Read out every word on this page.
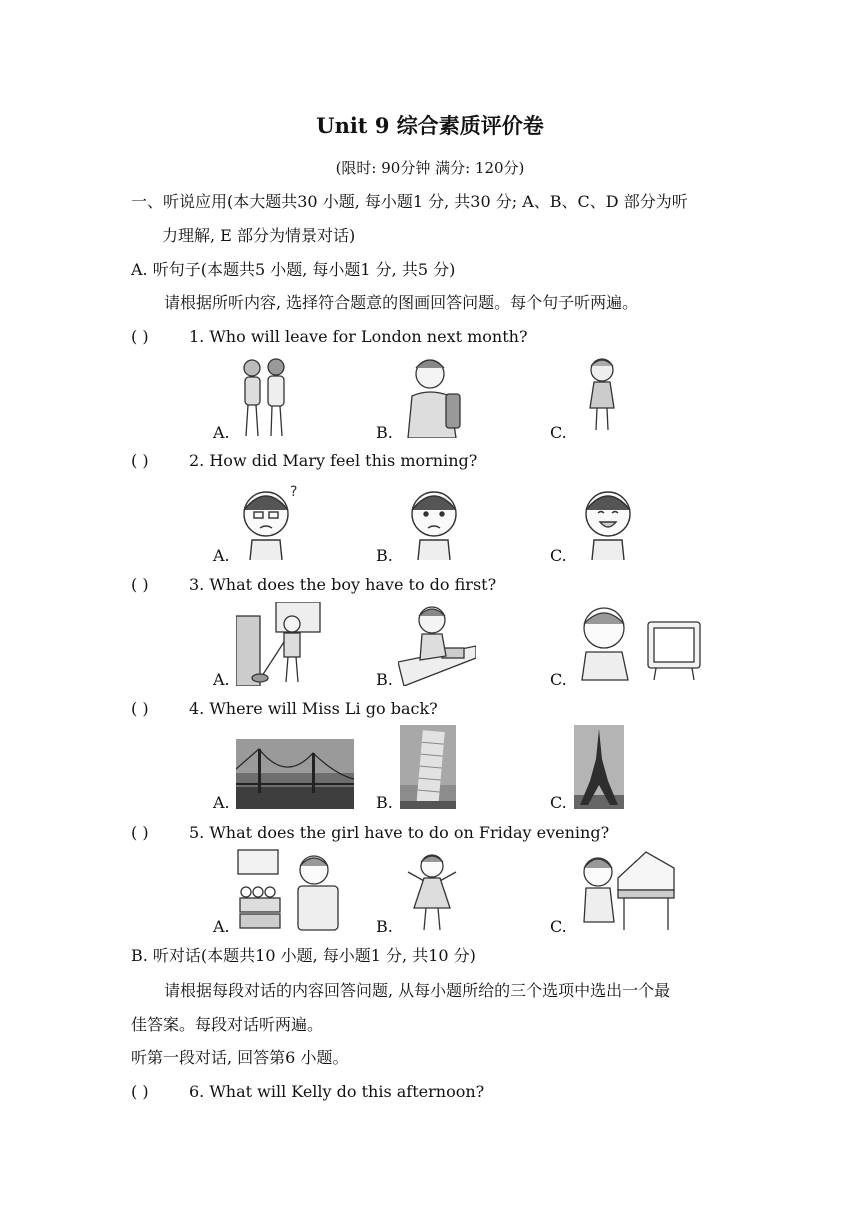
Unit 9 综合素质评价卷
(限时: 90分钟 满分: 120分)
一、听说应用(本大题共30 小题, 每小题1 分, 共30 分; A、B、C、D 部分为听
力理解, E 部分为情景对话)
A. 听句子(本题共5 小题, 每小题1 分, 共5 分)
请根据所听内容, 选择符合题意的图画回答问题。每个句子听两遍。
( )	1. Who will leave for London next month?
A.	B.	C.
( )	2. How did Mary feel this morning?
A.	B.	C.
?
( )	3. What does the boy have to do first?
A.	B.	C.
( )	4. Where will Miss Li go back?
A.	B.	C.
( )	5. What does the girl have to do on Friday evening?
A.	B.	C.
B. 听对话(本题共10 小题, 每小题1 分, 共10 分)
请根据每段对话的内容回答问题, 从每小题所给的三个选项中选出一个最
佳答案。每段对话听两遍。
听第一段对话, 回答第6 小题。
( )	6. What will Kelly do this afternoon?
